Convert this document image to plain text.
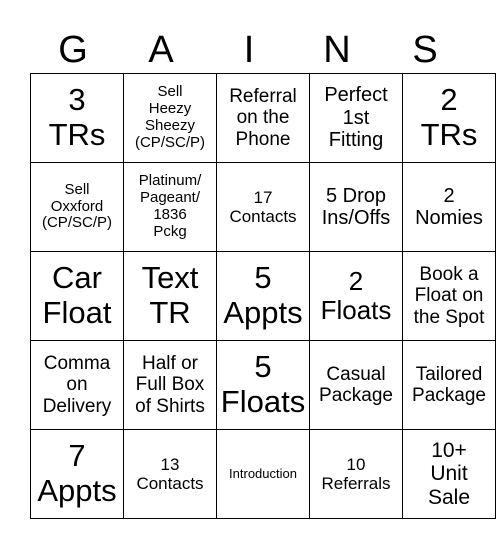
G	A	I	N	S
3
TRs	Sell
Heezy
Sheezy
(CP/SC/P)	Referral
on the
Phone	Perfect
1st
Fitting	2
TRs

Sell
Oxxford
(CP/SC/P)	Platinum/
Pageant/
1836
Pckg	17
Contacts	5 Drop
Ins/Offs	2
Nomies

Car
Float	Text
TR	5
Appts	2
Floats	Book a
Float on
the Spot

Comma
on
Delivery	Half or
Full Box
of Shirts	5
Floats	Casual
Package	Tailored
Package

7
Appts	13
Contacts	Introduction	10
Referrals	10+
Unit
Sale
